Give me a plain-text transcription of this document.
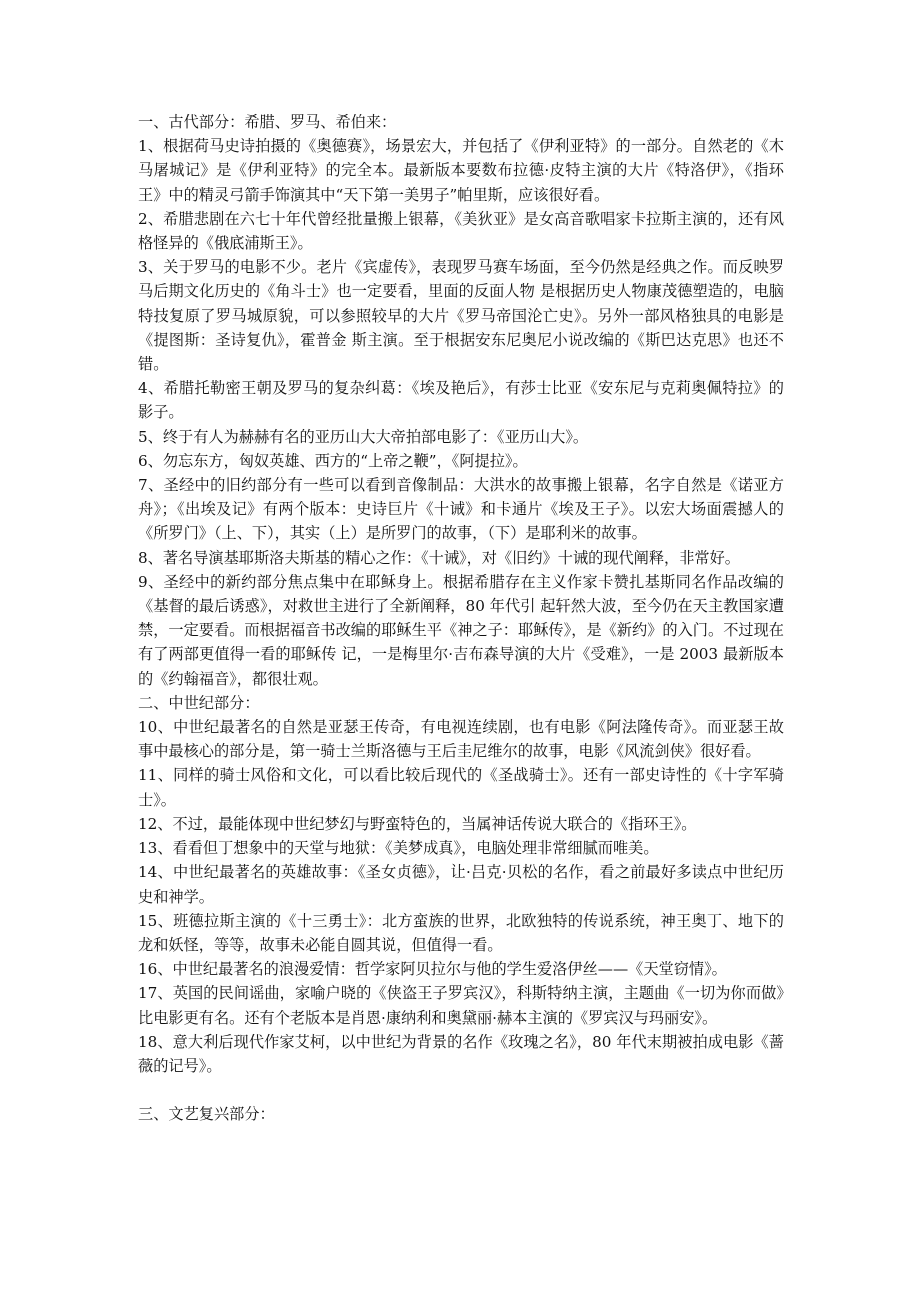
一、古代部分：希腊、罗马、希伯来：

1、根据荷马史诗拍摄的《奥德赛》，场景宏大，并包括了《伊利亚特》的一部分。自然老的《木马屠城记》是《伊利亚特》的完全本。最新版本要数布拉德·皮特主演的大片《特洛伊》，《指环王》中的精灵弓箭手饰演其中“天下第一美男子”帕里斯，应该很好看。

2、希腊悲剧在六七十年代曾经批量搬上银幕，《美狄亚》是女高音歌唱家卡拉斯主演的，还有风格怪异的《俄底浦斯王》。

3、关于罗马的电影不少。老片《宾虚传》，表现罗马赛车场面，至今仍然是经典之作。而反映罗马后期文化历史的《角斗士》也一定要看，里面的反面人物 是根据历史人物康茂德塑造的，电脑特技复原了罗马城原貌，可以参照较早的大片《罗马帝国沦亡史》。另外一部风格独具的电影是《提图斯：圣诗复仇》，霍普金 斯主演。至于根据安东尼奥尼小说改编的《斯巴达克思》也还不错。

4、希腊托勒密王朝及罗马的复杂纠葛：《埃及艳后》，有莎士比亚《安东尼与克莉奥佩特拉》的影子。

5、终于有人为赫赫有名的亚历山大大帝拍部电影了：《亚历山大》。

6、勿忘东方，匈奴英雄、西方的“上帝之鞭”，《阿提拉》。

7、圣经中的旧约部分有一些可以看到音像制品：大洪水的故事搬上银幕，名字自然是《诺亚方舟》；《出埃及记》有两个版本：史诗巨片《十诫》和卡通片《埃及王子》。以宏大场面震撼人的《所罗门》（上、下），其实（上）是所罗门的故事，（下）是耶利米的故事。

8、著名导演基耶斯洛夫斯基的精心之作：《十诫》，对《旧约》十诫的现代阐释，非常好。

9、圣经中的新约部分焦点集中在耶稣身上。根据希腊存在主义作家卡赞扎基斯同名作品改编的《基督的最后诱惑》，对救世主进行了全新阐释，80 年代引 起轩然大波，至今仍在天主教国家遭禁，一定要看。而根据福音书改编的耶稣生平《神之子：耶稣传》，是《新约》的入门。不过现在有了两部更值得一看的耶稣传 记，一是梅里尔·吉布森导演的大片《受难》，一是 2003 最新版本的《约翰福音》，都很壮观。

二、中世纪部分：

10、中世纪最著名的自然是亚瑟王传奇，有电视连续剧，也有电影《阿法隆传奇》。而亚瑟王故事中最核心的部分是，第一骑士兰斯洛德与王后圭尼维尔的故事，电影《风流剑侠》很好看。

11、同样的骑士风俗和文化，可以看比较后现代的《圣战骑士》。还有一部史诗性的《十字军骑士》。

12、不过，最能体现中世纪梦幻与野蛮特色的，当属神话传说大联合的《指环王》。

13、看看但丁想象中的天堂与地狱：《美梦成真》，电脑处理非常细腻而唯美。

14、中世纪最著名的英雄故事：《圣女贞德》，让·吕克·贝松的名作，看之前最好多读点中世纪历史和神学。

15、班德拉斯主演的《十三勇士》：北方蛮族的世界，北欧独特的传说系统，神王奥丁、地下的龙和妖怪，等等，故事未必能自圆其说，但值得一看。

16、中世纪最著名的浪漫爱情：哲学家阿贝拉尔与他的学生爱洛伊丝——《天堂窃情》。

17、英国的民间谣曲，家喻户晓的《侠盗王子罗宾汉》，科斯特纳主演，主题曲《一切为你而做》比电影更有名。还有个老版本是肖恩·康纳利和奥黛丽·赫本主演的《罗宾汉与玛丽安》。

18、意大利后现代作家艾柯，以中世纪为背景的名作《玫瑰之名》，80 年代末期被拍成电影《蔷薇的记号》。

三、文艺复兴部分：
